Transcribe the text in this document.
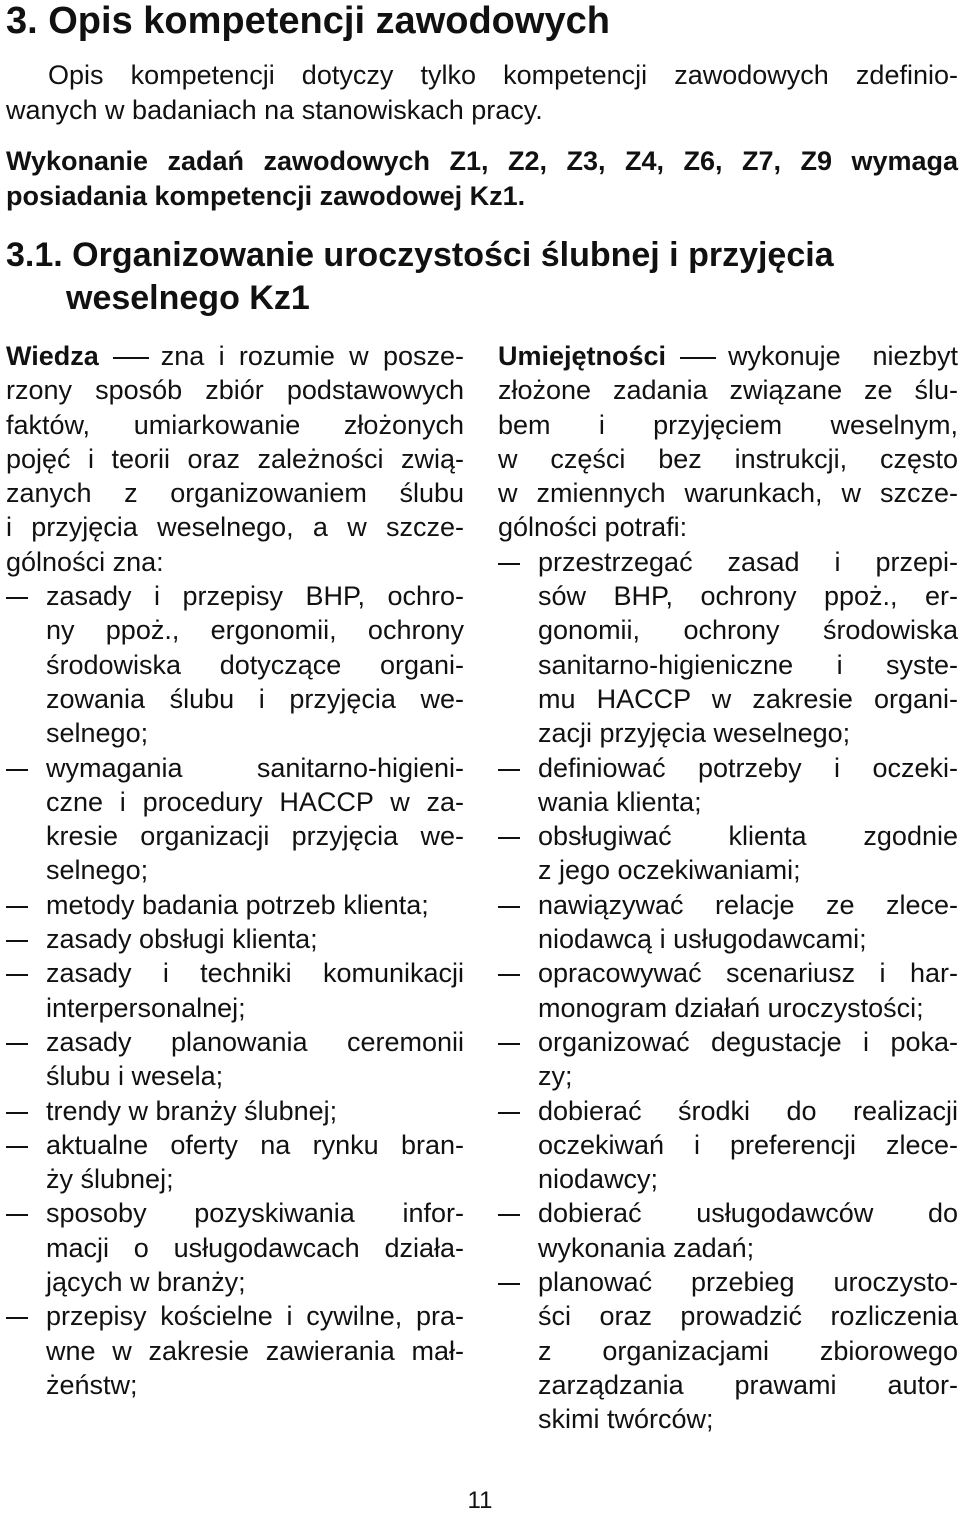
3. Opis kompetencji zawodowych
Opis kompetencji dotyczy tylko kompetencji zawodowych zdefinio-
wanych w badaniach na stanowiskach pracy.
Wykonanie zadań zawodowych Z1, Z2, Z3, Z4, Z6, Z7, Z9 wymaga
posiadania kompetencji zawodowej Kz1.
3.1. Organizowanie uroczystości ślubnej i przyjęcia
weselnego Kz1
Wiedza zna i rozumie w posze-
rzony sposób zbiór podstawowych
faktów, umiarkowanie złożonych
pojęć i teorii oraz zależności zwią-
zanych z organizowaniem ślubu
i przyjęcia weselnego, a w szcze-
gólności zna:
zasady i przepisy BHP, ochro-
ny ppoż., ergonomii, ochrony
środowiska dotyczące organi-
zowania ślubu i przyjęcia we-
selnego;
wymagania sanitarno-higieni-
czne i procedury HACCP w za-
kresie organizacji przyjęcia we-
selnego;
metody badania potrzeb klienta;
zasady obsługi klienta;
zasady i techniki komunikacji
interpersonalnej;
zasady planowania ceremonii
ślubu i wesela;
trendy w branży ślubnej;
aktualne oferty na rynku bran-
ży ślubnej;
sposoby pozyskiwania infor-
macji o usługodawcach działa-
jących w branży;
przepisy kościelne i cywilne, pra-
wne w zakresie zawierania mał-
żeństw;
Umiejętności wykonuje niezbyt
złożone zadania związane ze ślu-
bem i przyjęciem weselnym,
w części bez instrukcji, często
w zmiennych warunkach, w szcze-
gólności potrafi:
przestrzegać zasad i przepi-
sów BHP, ochrony ppoż., er-
gonomii, ochrony środowiska
sanitarno-higieniczne i syste-
mu HACCP w zakresie organi-
zacji przyjęcia weselnego;
definiować potrzeby i oczeki-
wania klienta;
obsługiwać klienta zgodnie
z jego oczekiwaniami;
nawiązywać relacje ze zlece-
niodawcą i usługodawcami;
opracowywać scenariusz i har-
monogram działań uroczystości;
organizować degustacje i poka-
zy;
dobierać środki do realizacji
oczekiwań i preferencji zlece-
niodawcy;
dobierać usługodawców do
wykonania zadań;
planować przebieg uroczysto-
ści oraz prowadzić rozliczenia
z organizacjami zbiorowego
zarządzania prawami autor-
skimi twórców;
11
